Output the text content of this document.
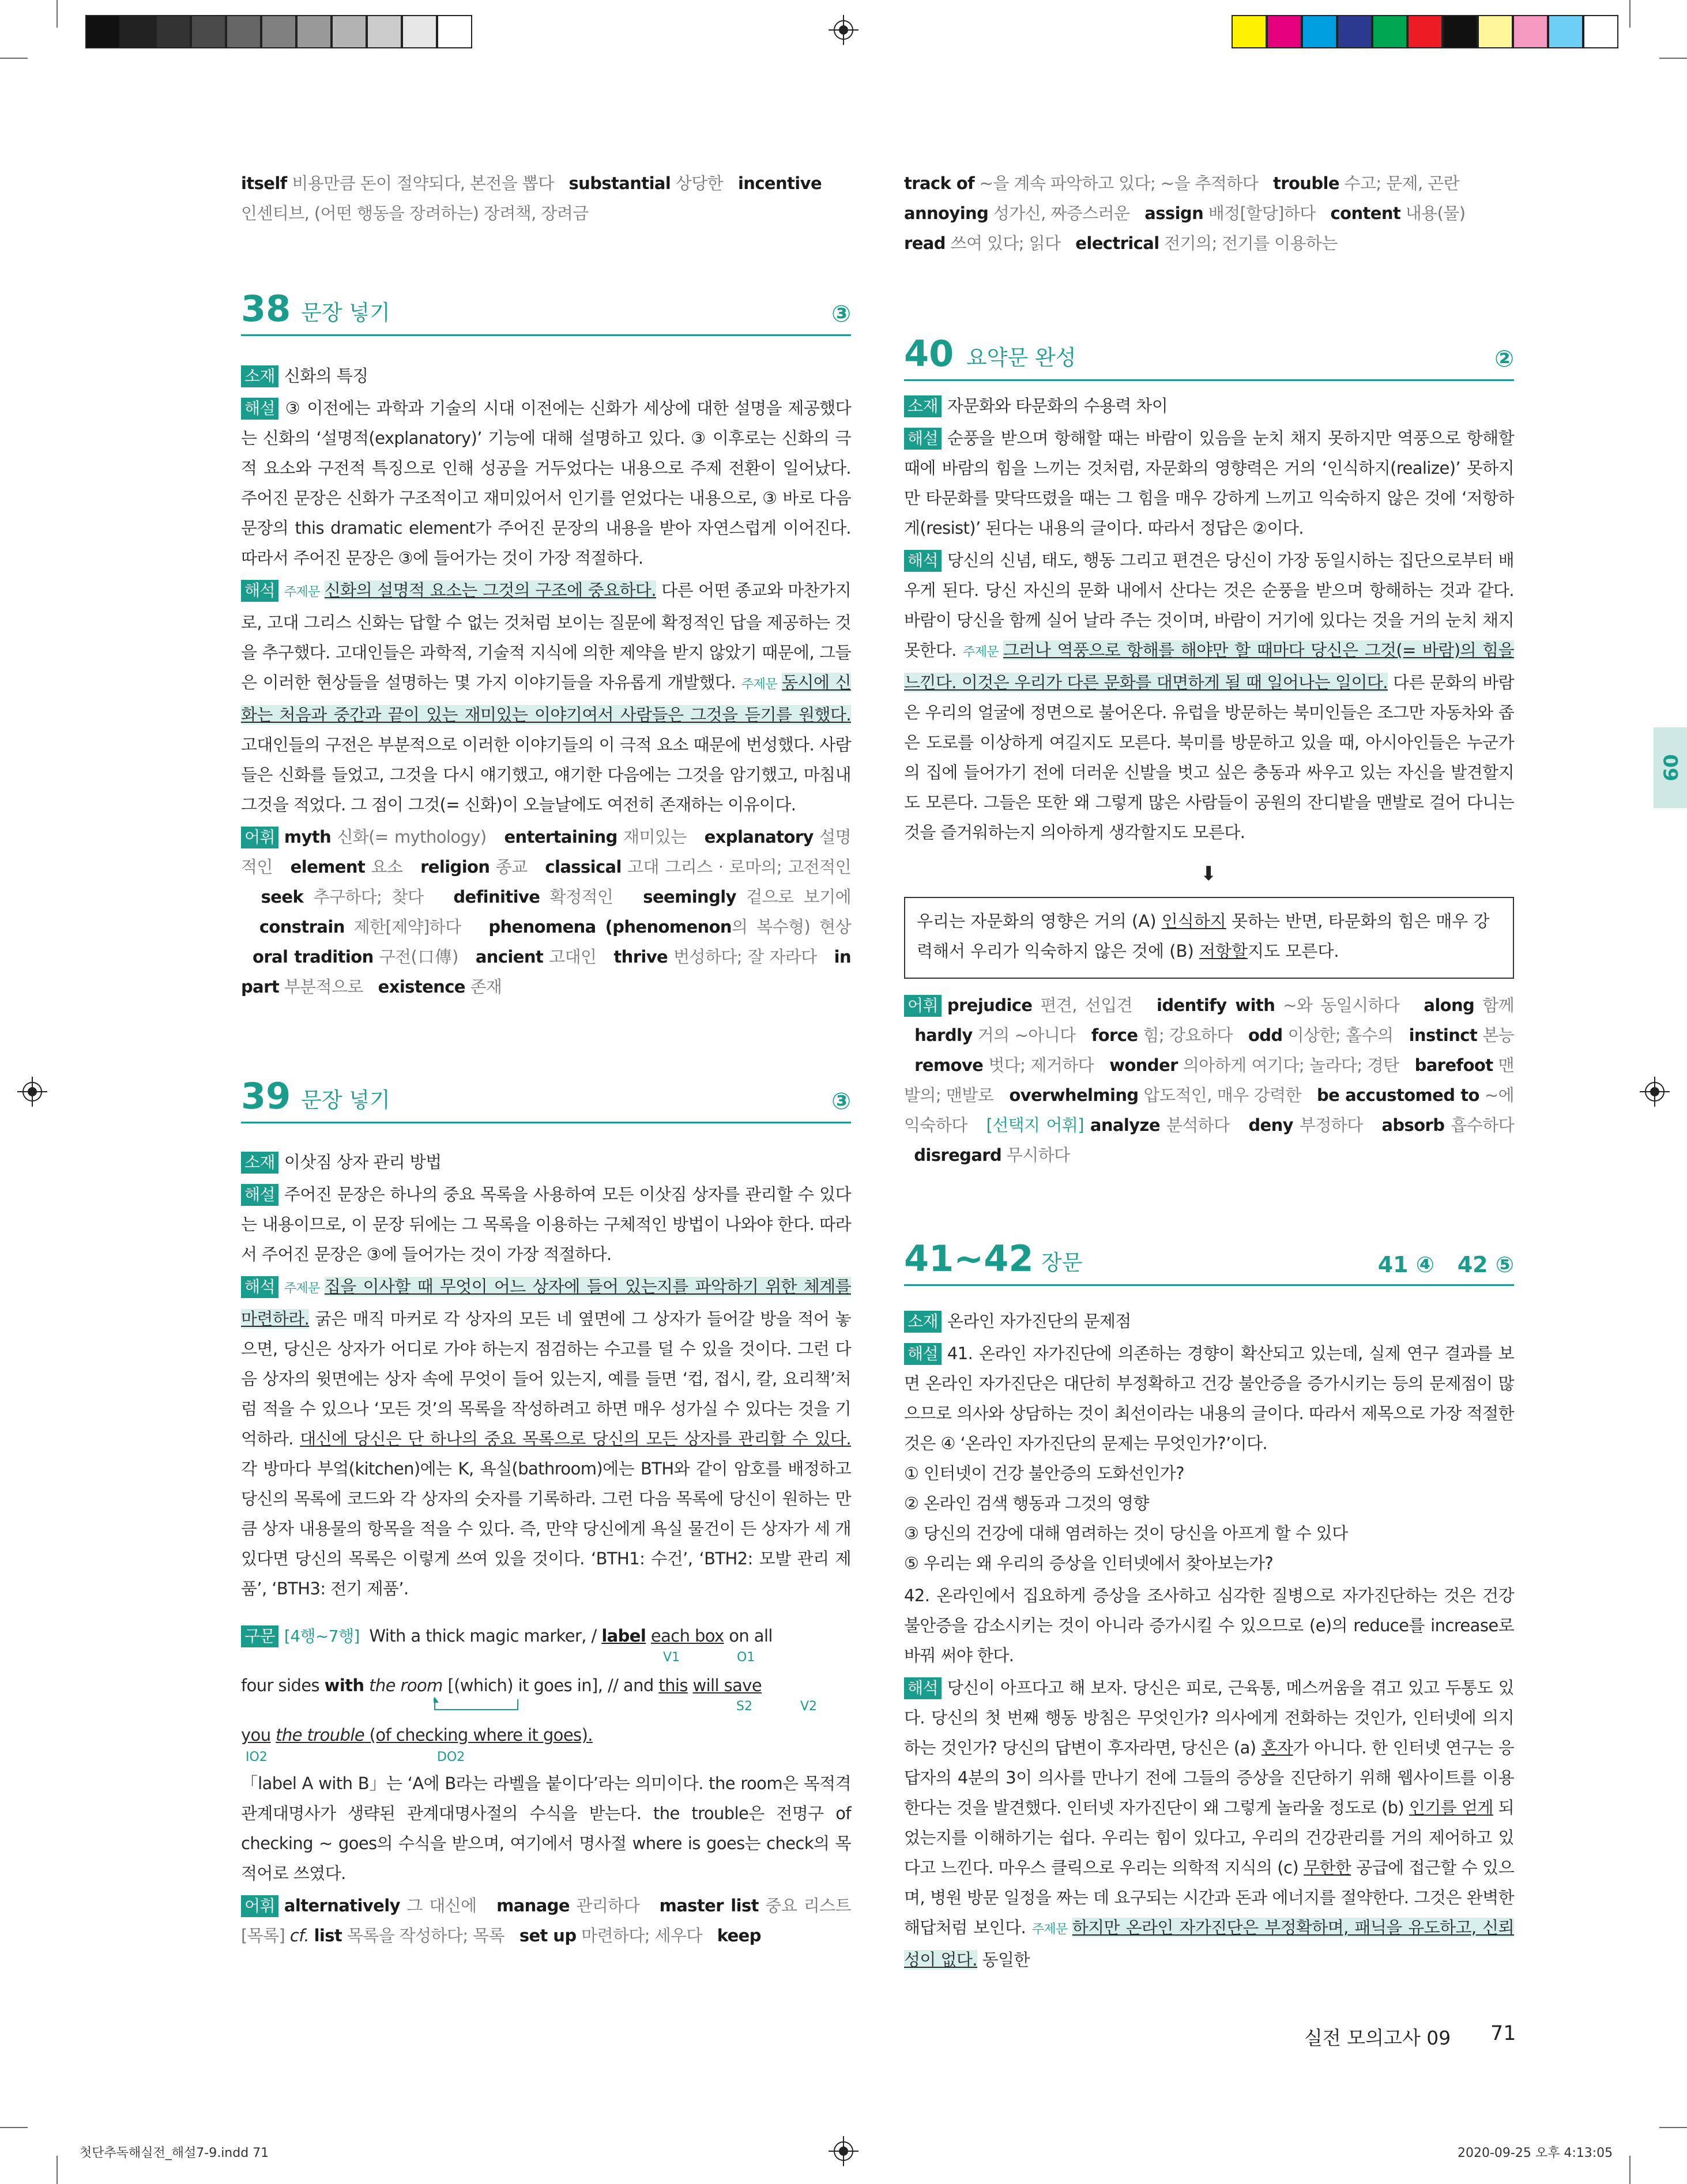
itself 비용만큼 돈이 절약되다, 본전을 뽑다 substantial 상당한 incentive
인센티브, (어떤 행동을 장려하는) 장려책, 장려금
38 문장 넣기	③

소재 신화의 특징

해설 ③ 이전에는 과학과 기술의 시대 이전에는 신화가 세상에 대한 설명을 제공했다는 신화의 ‘설명적(explanatory)’ 기능에 대해 설명하고 있다. ③ 이후로는 신화의 극적 요소와 구전적 특징으로 인해 성공을 거두었다는 내용으로 주제 전환이 일어났다. 주어진 문장은 신화가 구조적이고 재미있어서 인기를 얻었다는 내용으로, ③ 바로 다음 문장의 this dramatic element가 주어진 문장의 내용을 받아 자연스럽게 이어진다. 따라서 주어진 문장은 ③에 들어가는 것이 가장 적절하다.

해석 주제문 신화의 설명적 요소는 그것의 구조에 중요하다. 다른 어떤 종교와 마찬가지로, 고대 그리스 신화는 답할 수 없는 것처럼 보이는 질문에 확정적인 답을 제공하는 것을 추구했다. 고대인들은 과학적, 기술적 지식에 의한 제약을 받지 않았기 때문에, 그들은 이러한 현상들을 설명하는 몇 가지 이야기들을 자유롭게 개발했다. 주제문 동시에 신화는 처음과 중간과 끝이 있는 재미있는 이야기여서 사람들은 그것을 듣기를 원했다. 고대인들의 구전은 부분적으로 이러한 이야기들의 이 극적 요소 때문에 번성했다. 사람들은 신화를 들었고, 그것을 다시 얘기했고, 얘기한 다음에는 그것을 암기했고, 마침내 그것을 적었다. 그 점이 그것(= 신화)이 오늘날에도 여전히 존재하는 이유이다.

어휘 myth 신화(= mythology) entertaining 재미있는 explanatory 설명적인 element 요소 religion 종교 classical 고대 그리스 · 로마의; 고전적인   seek 추구하다; 찾다 definitive 확정적인 seemingly 겉으로 보기에   constrain 제한[제약]하다 phenomena (phenomenon의 복수형) 현상   oral tradition 구전(口傳) ancient 고대인 thrive 번성하다; 잘 자라다 in part 부분적으로 existence 존재

39 문장 넣기	③

소재 이삿짐 상자 관리 방법

해설 주어진 문장은 하나의 중요 목록을 사용하여 모든 이삿짐 상자를 관리할 수 있다는 내용이므로, 이 문장 뒤에는 그 목록을 이용하는 구체적인 방법이 나와야 한다. 따라서 주어진 문장은 ③에 들어가는 것이 가장 적절하다.

해석 주제문 집을 이사할 때 무엇이 어느 상자에 들어 있는지를 파악하기 위한 체계를 마련하라. 굵은 매직 마커로 각 상자의 모든 네 옆면에 그 상자가 들어갈 방을 적어 놓으면, 당신은 상자가 어디로 가야 하는지 점검하는 수고를 덜 수 있을 것이다. 그런 다음 상자의 윗면에는 상자 속에 무엇이 들어 있는지, 예를 들면 ‘컵, 접시, 칼, 요리책’처럼 적을 수 있으나 ‘모든 것’의 목록을 작성하려고 하면 매우 성가실 수 있다는 것을 기억하라. 대신에 당신은 단 하나의 중요 목록으로 당신의 모든 상자를 관리할 수 있다. 각 방마다 부엌(kitchen)에는 K, 욕실(bathroom)에는 BTH와 같이 암호를 배정하고 당신의 목록에 코드와 각 상자의 숫자를 기록하라. 그런 다음 목록에 당신이 원하는 만큼 상자 내용물의 항목을 적을 수 있다. 즉, 만약 당신에게 욕실 물건이 든 상자가 세 개 있다면 당신의 목록은 이렇게 쓰여 있을 것이다. ‘BTH1: 수건’, ‘BTH2: 모발 관리 제품’, ‘BTH3: 전기 제품’.

구문 [4행~7행] With a thick magic marker, / label each box on all
V1	O1
four sides with the room [(which) it goes in], // and this will save
S2	V2
you the trouble (of checking where it goes).
IO2	DO2

「label A with B」는 ‘A에 B라는 라벨을 붙이다’라는 의미이다. the room은 목적격 관계대명사가 생략된 관계대명사절의 수식을 받는다. the trouble은 전명구 of checking ~ goes의 수식을 받으며, 여기에서 명사절 where is goes는 check의 목적어로 쓰였다.

어휘 alternatively 그 대신에 manage 관리하다 master list 중요 리스트[목록] cf. list 목록을 작성하다; 목록 set up 마련하다; 세우다 keep

track of ~을 계속 파악하고 있다; ~을 추적하다 trouble 수고; 문제, 곤란
annoying 성가신, 짜증스러운 assign 배정[할당]하다 content 내용(물)
read 쓰여 있다; 읽다 electrical 전기의; 전기를 이용하는
40 요약문 완성	②

소재 자문화와 타문화의 수용력 차이

해설 순풍을 받으며 항해할 때는 바람이 있음을 눈치 채지 못하지만 역풍으로 항해할 때에 바람의 힘을 느끼는 것처럼, 자문화의 영향력은 거의 ‘인식하지(realize)’ 못하지만 타문화를 맞닥뜨렸을 때는 그 힘을 매우 강하게 느끼고 익숙하지 않은 것에 ‘저항하게(resist)’ 된다는 내용의 글이다. 따라서 정답은 ②이다.

해석 당신의 신념, 태도, 행동 그리고 편견은 당신이 가장 동일시하는 집단으로부터 배우게 된다. 당신 자신의 문화 내에서 산다는 것은 순풍을 받으며 항해하는 것과 같다. 바람이 당신을 함께 실어 날라 주는 것이며, 바람이 거기에 있다는 것을 거의 눈치 채지 못한다. 주제문 그러나 역풍으로 항해를 해야만 할 때마다 당신은 그것(= 바람)의 힘을 느낀다. 이것은 우리가 다른 문화를 대면하게 될 때 일어나는 일이다. 다른 문화의 바람은 우리의 얼굴에 정면으로 불어온다. 유럽을 방문하는 북미인들은 조그만 자동차와 좁은 도로를 이상하게 여길지도 모른다. 북미를 방문하고 있을 때, 아시아인들은 누군가의 집에 들어가기 전에 더러운 신발을 벗고 싶은 충동과 싸우고 있는 자신을 발견할지도 모른다. 그들은 또한 왜 그렇게 많은 사람들이 공원의 잔디밭을 맨발로 걸어 다니는 것을 즐거워하는지 의아하게 생각할지도 모른다.

⬇
우리는 자문화의 영향은 거의 (A) 인식하지 못하는 반면, 타문화의 힘은 매우 강력해서 우리가 익숙하지 않은 것에 (B) 저항할지도 모른다.

어휘 prejudice 편견, 선입견 identify with ~와 동일시하다 along 함께   hardly 거의 ~아니다 force 힘; 강요하다 odd 이상한; 홀수의 instinct 본능   remove 벗다; 제거하다 wonder 의아하게 여기다; 놀라다; 경탄 barefoot 맨발의; 맨발로 overwhelming 압도적인, 매우 강력한 be accustomed to ~에 익숙하다 [선택지 어휘] analyze 분석하다 deny 부정하다 absorb 흡수하다   disregard 무시하다

41~42 장문	41 ④   42 ⑤

소재 온라인 자가진단의 문제점

해설 41. 온라인 자가진단에 의존하는 경향이 확산되고 있는데, 실제 연구 결과를 보면 온라인 자가진단은 대단히 부정확하고 건강 불안증을 증가시키는 등의 문제점이 많으므로 의사와 상담하는 것이 최선이라는 내용의 글이다. 따라서 제목으로 가장 적절한 것은 ④ ‘온라인 자가진단의 문제는 무엇인가?’이다.

① 인터넷이 건강 불안증의 도화선인가?

② 온라인 검색 행동과 그것의 영향

③ 당신의 건강에 대해 염려하는 것이 당신을 아프게 할 수 있다

⑤ 우리는 왜 우리의 증상을 인터넷에서 찾아보는가?

42. 온라인에서 집요하게 증상을 조사하고 심각한 질병으로 자가진단하는 것은 건강 불안증을 감소시키는 것이 아니라 증가시킬 수 있으므로 (e)의 reduce를 increase로 바꿔 써야 한다.

해석 당신이 아프다고 해 보자. 당신은 피로, 근육통, 메스꺼움을 겪고 있고 두통도 있다. 당신의 첫 번째 행동 방침은 무엇인가? 의사에게 전화하는 것인가, 인터넷에 의지하는 것인가? 당신의 답변이 후자라면, 당신은 (a) 혼자가 아니다. 한 인터넷 연구는 응답자의 4분의 3이 의사를 만나기 전에 그들의 증상을 진단하기 위해 웹사이트를 이용한다는 것을 발견했다. 인터넷 자가진단이 왜 그렇게 놀라울 정도로 (b) 인기를 얻게 되었는지를 이해하기는 쉽다. 우리는 힘이 있다고, 우리의 건강관리를 거의 제어하고 있다고 느낀다. 마우스 클릭으로 우리는 의학적 지식의 (c) 무한한 공급에 접근할 수 있으며, 병원 방문 일정을 짜는 데 요구되는 시간과 돈과 에너지를 절약한다. 그것은 완벽한 해답처럼 보인다. 주제문 하지만 온라인 자가진단은 부정확하며, 패닉을 유도하고, 신뢰성이 없다. 동일한

09
실전 모의고사 09 71
첫단추독해실전_해설7-9.indd 71	2020-09-25 오후 4:13:05
